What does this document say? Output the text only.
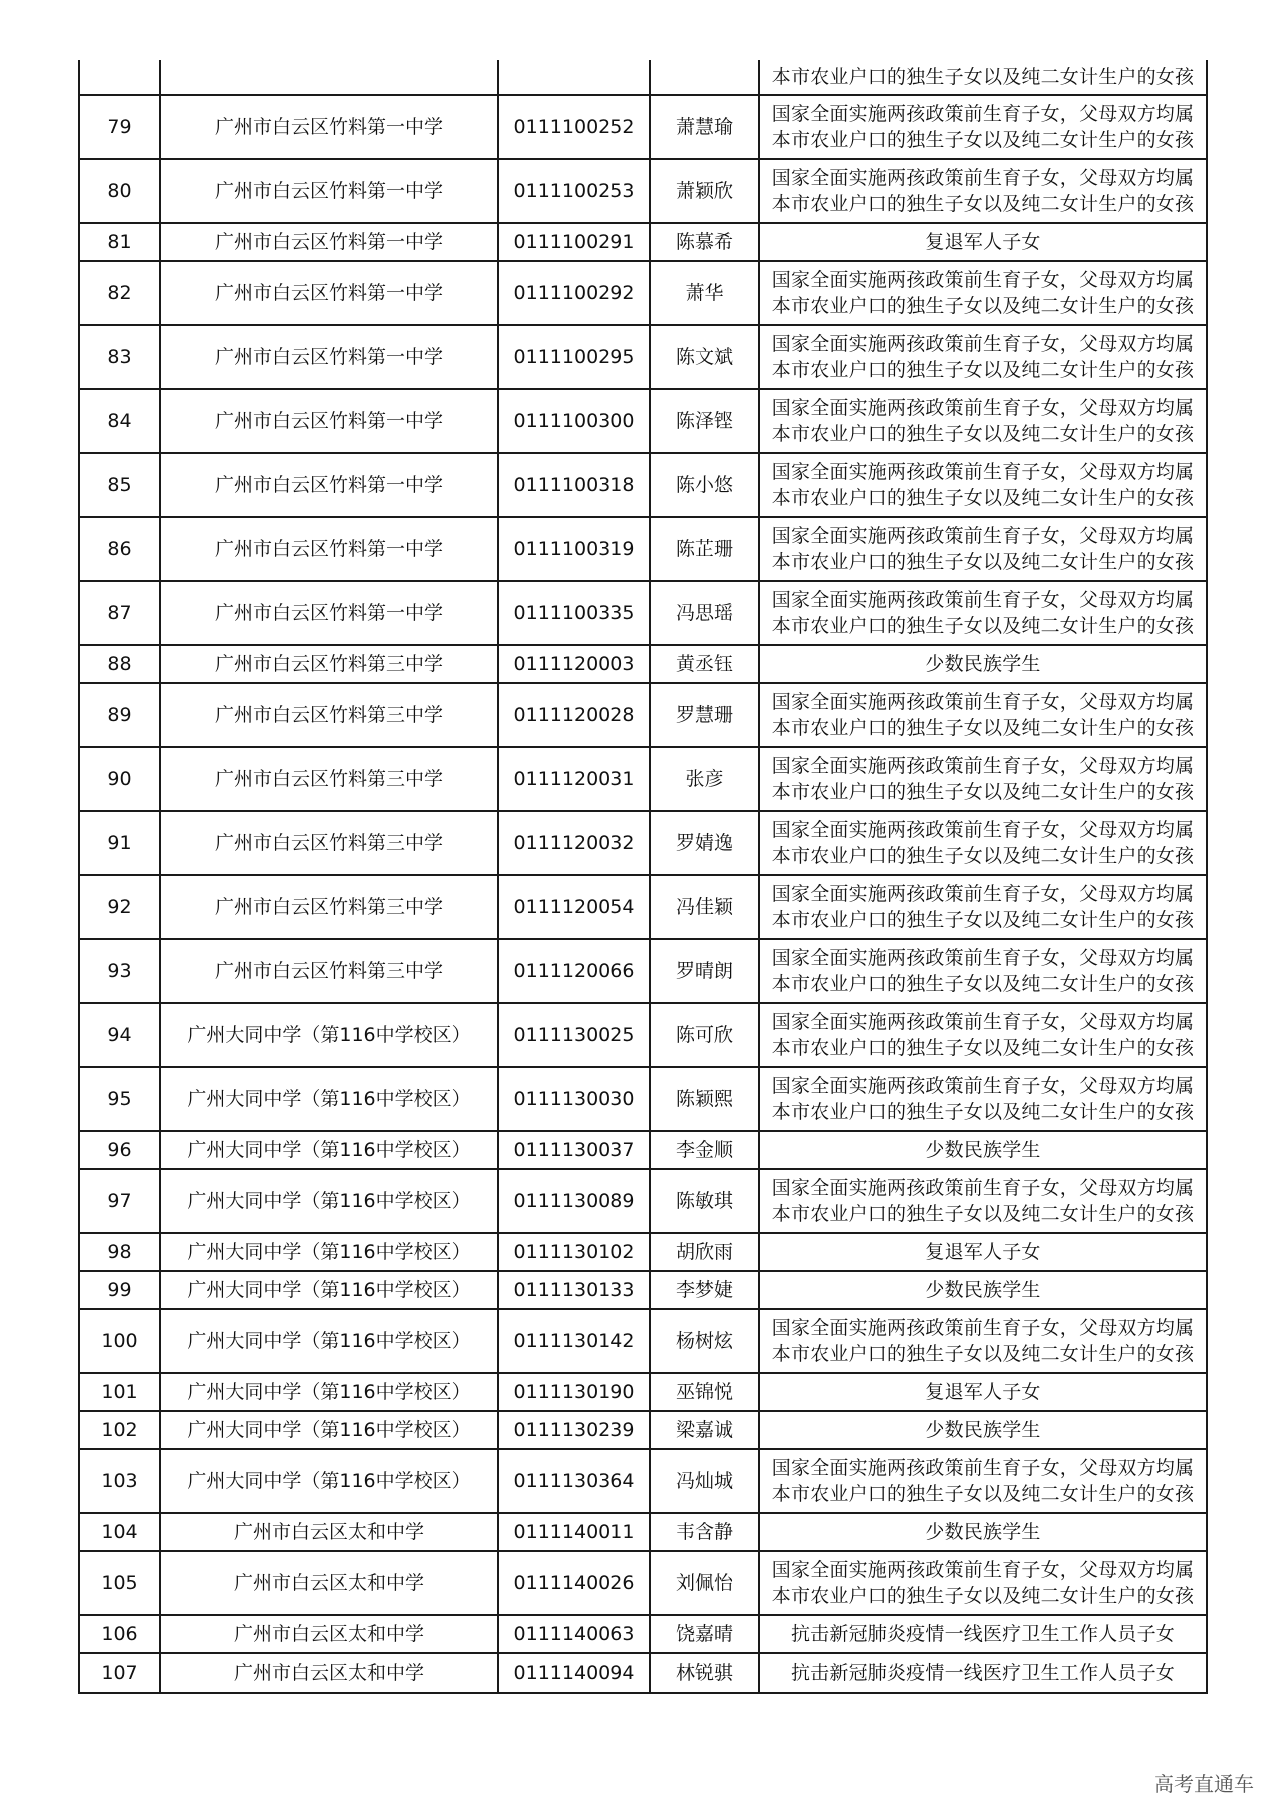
				本市农业户口的独生子女以及纯二女计生户的女孩
79	广州市白云区竹料第一中学	0111100252	萧慧瑜	国家全面实施两孩政策前生育子女，父母双方均属
本市农业户口的独生子女以及纯二女计生户的女孩

80	广州市白云区竹料第一中学	0111100253	萧颖欣	国家全面实施两孩政策前生育子女，父母双方均属
本市农业户口的独生子女以及纯二女计生户的女孩

81	广州市白云区竹料第一中学	0111100291	陈慕希	复退军人子女

82	广州市白云区竹料第一中学	0111100292	萧华	国家全面实施两孩政策前生育子女，父母双方均属
本市农业户口的独生子女以及纯二女计生户的女孩

83	广州市白云区竹料第一中学	0111100295	陈文斌	国家全面实施两孩政策前生育子女，父母双方均属
本市农业户口的独生子女以及纯二女计生户的女孩

84	广州市白云区竹料第一中学	0111100300	陈泽铿	国家全面实施两孩政策前生育子女，父母双方均属
本市农业户口的独生子女以及纯二女计生户的女孩

85	广州市白云区竹料第一中学	0111100318	陈小悠	国家全面实施两孩政策前生育子女，父母双方均属
本市农业户口的独生子女以及纯二女计生户的女孩

86	广州市白云区竹料第一中学	0111100319	陈芷珊	国家全面实施两孩政策前生育子女，父母双方均属
本市农业户口的独生子女以及纯二女计生户的女孩

87	广州市白云区竹料第一中学	0111100335	冯思瑶	国家全面实施两孩政策前生育子女，父母双方均属
本市农业户口的独生子女以及纯二女计生户的女孩

88	广州市白云区竹料第三中学	0111120003	黄丞钰	少数民族学生

89	广州市白云区竹料第三中学	0111120028	罗慧珊	国家全面实施两孩政策前生育子女，父母双方均属
本市农业户口的独生子女以及纯二女计生户的女孩

90	广州市白云区竹料第三中学	0111120031	张彦	国家全面实施两孩政策前生育子女，父母双方均属
本市农业户口的独生子女以及纯二女计生户的女孩

91	广州市白云区竹料第三中学	0111120032	罗婧逸	国家全面实施两孩政策前生育子女，父母双方均属
本市农业户口的独生子女以及纯二女计生户的女孩

92	广州市白云区竹料第三中学	0111120054	冯佳颖	国家全面实施两孩政策前生育子女，父母双方均属
本市农业户口的独生子女以及纯二女计生户的女孩

93	广州市白云区竹料第三中学	0111120066	罗晴朗	国家全面实施两孩政策前生育子女，父母双方均属
本市农业户口的独生子女以及纯二女计生户的女孩

94	广州大同中学（第116中学校区）	0111130025	陈可欣	国家全面实施两孩政策前生育子女，父母双方均属
本市农业户口的独生子女以及纯二女计生户的女孩

95	广州大同中学（第116中学校区）	0111130030	陈颖熙	国家全面实施两孩政策前生育子女，父母双方均属
本市农业户口的独生子女以及纯二女计生户的女孩

96	广州大同中学（第116中学校区）	0111130037	李金顺	少数民族学生

97	广州大同中学（第116中学校区）	0111130089	陈敏琪	国家全面实施两孩政策前生育子女，父母双方均属
本市农业户口的独生子女以及纯二女计生户的女孩

98	广州大同中学（第116中学校区）	0111130102	胡欣雨	复退军人子女

99	广州大同中学（第116中学校区）	0111130133	李梦婕	少数民族学生

100	广州大同中学（第116中学校区）	0111130142	杨树炫	国家全面实施两孩政策前生育子女，父母双方均属
本市农业户口的独生子女以及纯二女计生户的女孩

101	广州大同中学（第116中学校区）	0111130190	巫锦悦	复退军人子女

102	广州大同中学（第116中学校区）	0111130239	梁嘉诚	少数民族学生

103	广州大同中学（第116中学校区）	0111130364	冯灿城	国家全面实施两孩政策前生育子女，父母双方均属
本市农业户口的独生子女以及纯二女计生户的女孩

104	广州市白云区太和中学	0111140011	韦含静	少数民族学生

105	广州市白云区太和中学	0111140026	刘佩怡	国家全面实施两孩政策前生育子女，父母双方均属
本市农业户口的独生子女以及纯二女计生户的女孩

106	广州市白云区太和中学	0111140063	饶嘉晴	抗击新冠肺炎疫情一线医疗卫生工作人员子女

107	广州市白云区太和中学	0111140094	林锐骐	抗击新冠肺炎疫情一线医疗卫生工作人员子女
高考直通车
